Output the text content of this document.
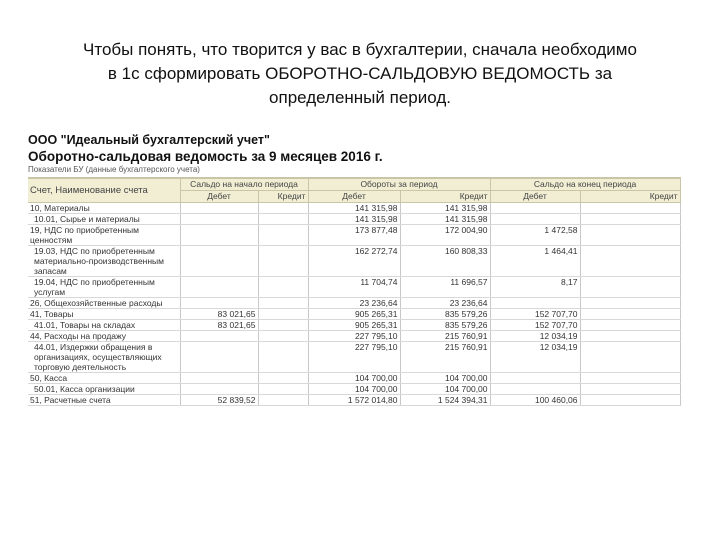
Чтобы понять, что творится у вас в бухгалтерии, сначала необходимо
в 1с сформировать ОБОРОТНО-САЛЬДОВУЮ ВЕДОМОСТЬ за
определенный период.
ООО "Идеальный бухгалтерский учет"
Оборотно-сальдовая ведомость за 9 месяцев 2016 г.
Показатели БУ (данные бухгалтерского учета)
Счет, Наименование счета	Сальдо на начало периода		Обороты за период		Сальдо на конец периода	
	Дебет	Кредит	Дебет	Кредит	Дебет	Кредит
10, Материалы			141 315,98	141 315,98		
10.01, Сырье и материалы			141 315,98	141 315,98		
19, НДС по приобретенным ценностям			173 877,48	172 004,90	1 472,58	
19.03, НДС по приобретенным материально-производственным запасам			162 272,74	160 808,33	1 464,41	
19.04, НДС по приобретенным услугам			11 704,74	11 696,57	8,17	
26, Общехозяйственные расходы			23 236,64	23 236,64		
41, Товары	83 021,65		905 265,31	835 579,26	152 707,70	
41.01, Товары на складах	83 021,65		905 265,31	835 579,26	152 707,70	
44, Расходы на продажу			227 795,10	215 760,91	12 034,19	
44.01, Издержки обращения в организациях, осуществляющих торговую деятельность			227 795,10	215 760,91	12 034,19	
50, Касса			104 700,00	104 700,00		
50.01, Касса организации			104 700,00	104 700,00		
51, Расчетные счета	52 839,52		1 572 014,80	1 524 394,31	100 460,06	
